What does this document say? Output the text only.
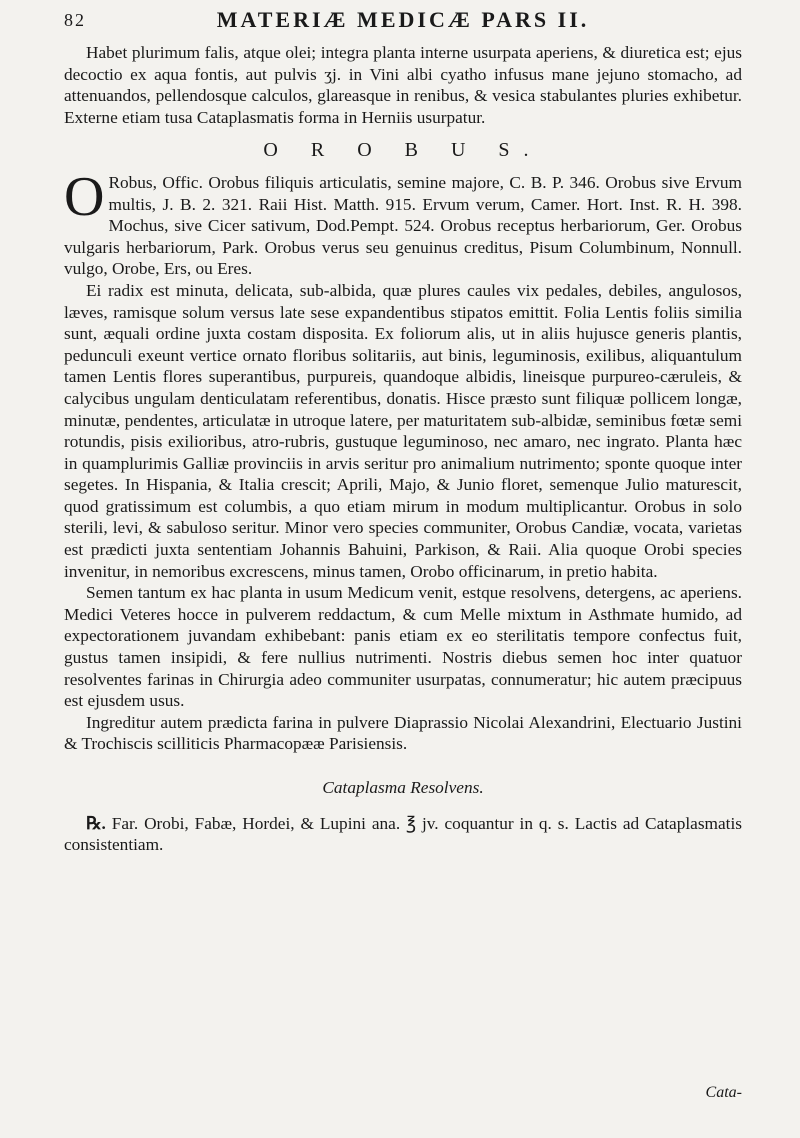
82	MATERIÆ MEDICÆ PARS II.

Habet plurimum falis, atque olei; integra planta interne usurpata aperiens, & diuretica est; ejus decoctio ex aqua fontis, aut pulvis ʒj. in Vini albi cyatho infusus mane jejuno stomacho, ad attenuandos, pellendosque calculos, glareasque in renibus, & vesica stabulantes pluries exhibetur. Externe etiam tusa Cataplasmatis forma in Herniis usurpatur.

O R O B U S.

O Robus, Offic. Orobus filiquis articulatis, semine majore, C. B. P. 346. Orobus sive Ervum multis, J. B. 2. 321. Raii Hist. Matth. 915. Ervum verum, Camer. Hort. Inst. R. H. 398. Mochus, sive Cicer sativum, Dod.Pempt. 524. Orobus receptus herbariorum, Ger. Orobus vulgaris herbariorum, Park. Orobus verus seu genuinus creditus, Pisum Columbinum, Nonnull. vulgo, Orobe, Ers, ou Eres.

Ei radix est minuta, delicata, sub-albida, quæ plures caules vix pedales, debiles, angulosos, læves, ramisque solum versus late sese expandentibus stipatos emittit. Folia Lentis foliis similia sunt, æquali ordine juxta costam disposita. Ex foliorum alis, ut in aliis hujusce generis plantis, pedunculi exeunt vertice ornato floribus solitariis, aut binis, leguminosis, exilibus, aliquantulum tamen Lentis flores superantibus, purpureis, quandoque albidis, lineisque purpureo-cæruleis, & calycibus ungulam denticulatam referentibus, donatis. Hisce præsto sunt filiquæ pollicem longæ, minutæ, pendentes, articulatæ in utroque latere, per maturitatem sub-albidæ, seminibus fœtæ semi rotundis, pisis exilioribus, atro-rubris, gustuque leguminoso, nec amaro, nec ingrato. Planta hæc in quamplurimis Galliæ provinciis in arvis seritur pro animalium nutrimento; sponte quoque inter segetes. In Hispania, & Italia crescit; Aprili, Majo, & Junio floret, semenque Julio maturescit, quod gratissimum est columbis, a quo etiam mirum in modum multiplicantur. Orobus in solo sterili, levi, & sabuloso seritur. Minor vero species communiter, Orobus Candiæ, vocata, varietas est prædicti juxta sententiam Johannis Bahuini, Parkison, & Raii. Alia quoque Orobi species invenitur, in nemoribus excrescens, minus tamen, Orobo officinarum, in pretio habita.

Semen tantum ex hac planta in usum Medicum venit, estque resolvens, detergens, ac aperiens. Medici Veteres hocce in pulverem reddactum, & cum Melle mixtum in Asthmate humido, ad expectorationem juvandam exhibebant: panis etiam ex eo sterilitatis tempore confectus fuit, gustus tamen insipidi, & fere nullius nutrimenti. Nostris diebus semen hoc inter quatuor resolventes farinas in Chirurgia adeo communiter usurpatas, connumeratur; hic autem præcipuus est ejusdem usus.

Ingreditur autem prædicta farina in pulvere Diaprassio Nicolai Alexandrini, Electuario Justini & Trochiscis scilliticis Pharmacopææ Parisiensis.

Cataplasma Resolvens.

℞. Far. Orobi, Fabæ, Hordei, & Lupini ana. ℥ jv. coquantur in q. s. Lactis ad Cataplasmatis consistentiam.

Cata-
